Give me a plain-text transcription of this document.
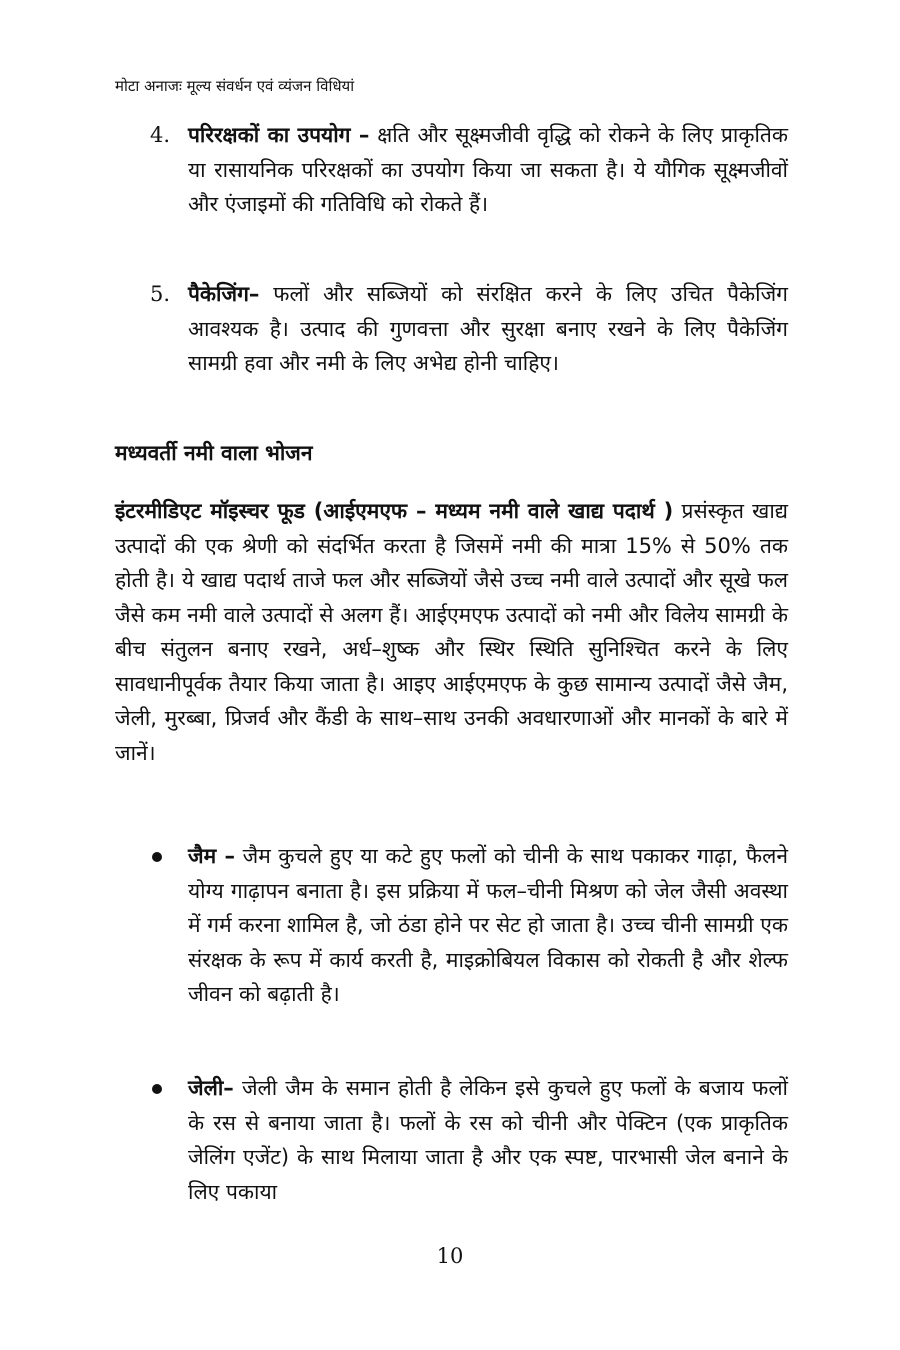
मोटा अनाजः मूल्य संवर्धन एवं व्यंजन विधियां
4. परिरक्षकों का उपयोग – क्षति और सूक्ष्मजीवी वृद्धि को रोकने के लिए प्राकृतिक या रासायनिक परिरक्षकों का उपयोग किया जा सकता है। ये यौगिक सूक्ष्मजीवों और एंजाइमों की गतिविधि को रोकते हैं।
5. पैकेजिंग– फलों और सब्जियों को संरक्षित करने के लिए उचित पैकेजिंग आवश्यक है। उत्पाद की गुणवत्ता और सुरक्षा बनाए रखने के लिए पैकेजिंग सामग्री हवा और नमी के लिए अभेद्य होनी चाहिए।
मध्यवर्ती नमी वाला भोजन
इंटरमीडिएट मॉइस्चर फूड (आईएमएफ – मध्यम नमी वाले खाद्य पदार्थ ) प्रसंस्कृत खाद्य उत्पादों की एक श्रेणी को संदर्भित करता है जिसमें नमी की मात्रा 15% से 50% तक होती है। ये खाद्य पदार्थ ताजे फल और सब्जियों जैसे उच्च नमी वाले उत्पादों और सूखे फल जैसे कम नमी वाले उत्पादों से अलग हैं। आईएमएफ उत्पादों को नमी और विलेय सामग्री के बीच संतुलन बनाए रखने, अर्ध–शुष्क और स्थिर स्थिति सुनिश्चित करने के लिए सावधानीपूर्वक तैयार किया जाता है। आइए आईएमएफ के कुछ सामान्य उत्पादों जैसे जैम, जेली, मुरब्बा, प्रिजर्व और कैंडी के साथ–साथ उनकी अवधारणाओं और मानकों के बारे में जानें।
जैम – जैम कुचले हुए या कटे हुए फलों को चीनी के साथ पकाकर गाढ़ा, फैलने योग्य गाढ़ापन बनाता है। इस प्रक्रिया में फल–चीनी मिश्रण को जेल जैसी अवस्था में गर्म करना शामिल है, जो ठंडा होने पर सेट हो जाता है। उच्च चीनी सामग्री एक संरक्षक के रूप में कार्य करती है, माइक्रोबियल विकास को रोकती है और शेल्फ जीवन को बढ़ाती है।
जेली– जेली जैम के समान होती है लेकिन इसे कुचले हुए फलों के बजाय फलों के रस से बनाया जाता है। फलों के रस को चीनी और पेक्टिन (एक प्राकृतिक जेलिंग एजेंट) के साथ मिलाया जाता है और एक स्पष्ट, पारभासी जेल बनाने के लिए पकाया
10
